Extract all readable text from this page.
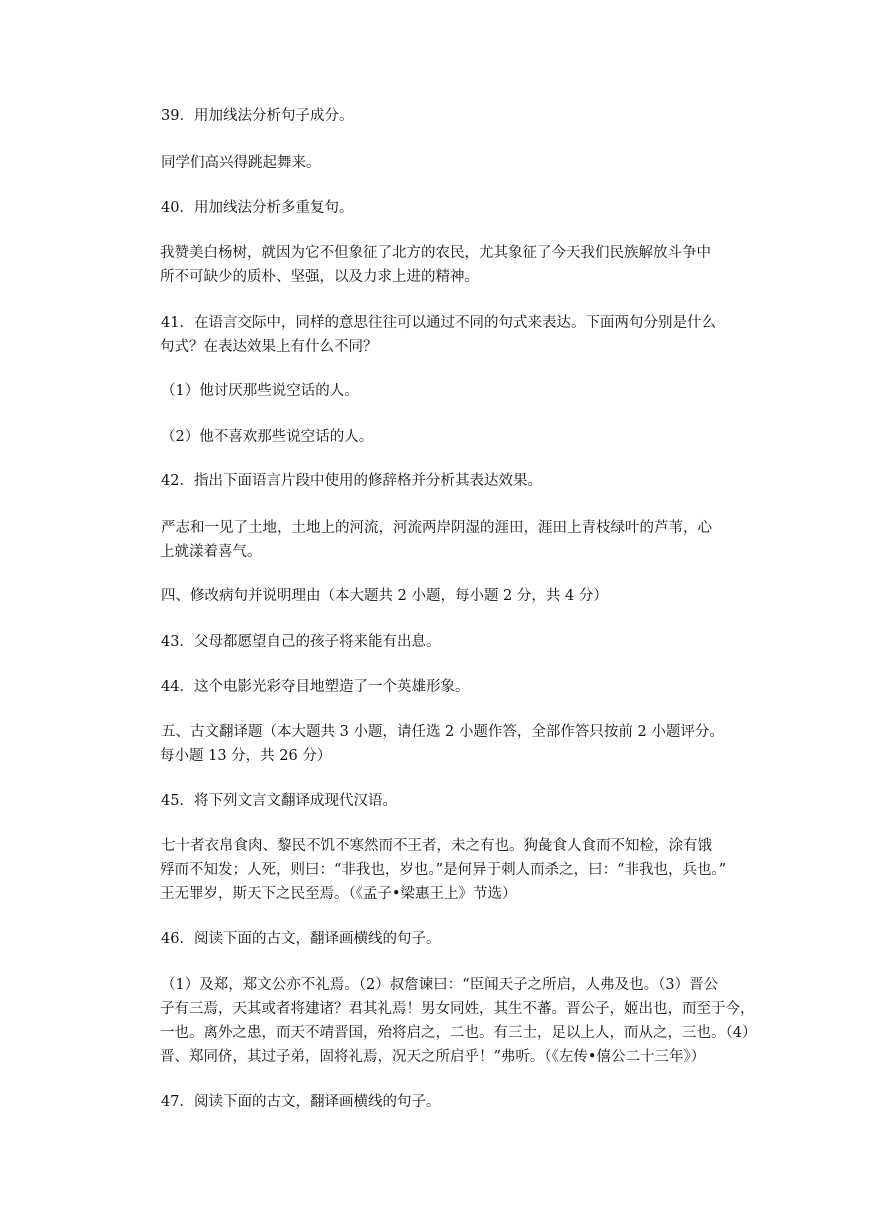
39．用加线法分析句子成分。
同学们高兴得跳起舞来。
40．用加线法分析多重复句。
我赞美白杨树，就因为它不但象征了北方的农民，尤其象征了今天我们民族解放斗争中
所不可缺少的质朴、坚强，以及力求上进的精神。
41．在语言交际中，同样的意思往往可以通过不同的句式来表达。下面两句分别是什么
句式？在表达效果上有什么不同？
（1）他讨厌那些说空话的人。
（2）他不喜欢那些说空话的人。
42．指出下面语言片段中使用的修辞格并分析其表达效果。
严志和一见了土地，土地上的河流，河流两岸阴湿的涯田，涯田上青枝绿叶的芦苇，心
上就漾着喜气。
四、修改病句并说明理由（本大题共 2 小题，每小题 2 分，共 4 分）
43．父母都愿望自己的孩子将来能有出息。
44．这个电影光彩夺目地塑造了一个英雄形象。
五、古文翻译题（本大题共 3 小题，请任选 2 小题作答，全部作答只按前 2 小题评分。
每小题 13 分，共 26 分）
45．将下列文言文翻译成现代汉语。
七十者衣帛食肉、黎民不饥不寒然而不王者，未之有也。狗彘食人食而不知检，涂有饿
殍而不知发；人死，则曰：“非我也，岁也。”是何异于刺人而杀之，曰：“非我也，兵也。”
王无罪岁，斯天下之民至焉。（《孟子•梁惠王上》节选）
46．阅读下面的古文，翻译画横线的句子。
（1）及郑，郑文公亦不礼焉。（2）叔詹谏曰：“臣闻天子之所启，人弗及也。（3）晋公
子有三焉，天其或者将建诸？君其礼焉！男女同姓，其生不蕃。晋公子，姬出也，而至于今，
一也。离外之患，而天不靖晋国，殆将启之，二也。有三士，足以上人，而从之，三也。（4）
晋、郑同侪，其过子弟，固将礼焉，况天之所启乎！”弗听。（《左传•僖公二十三年》）
47．阅读下面的古文，翻译画横线的句子。
